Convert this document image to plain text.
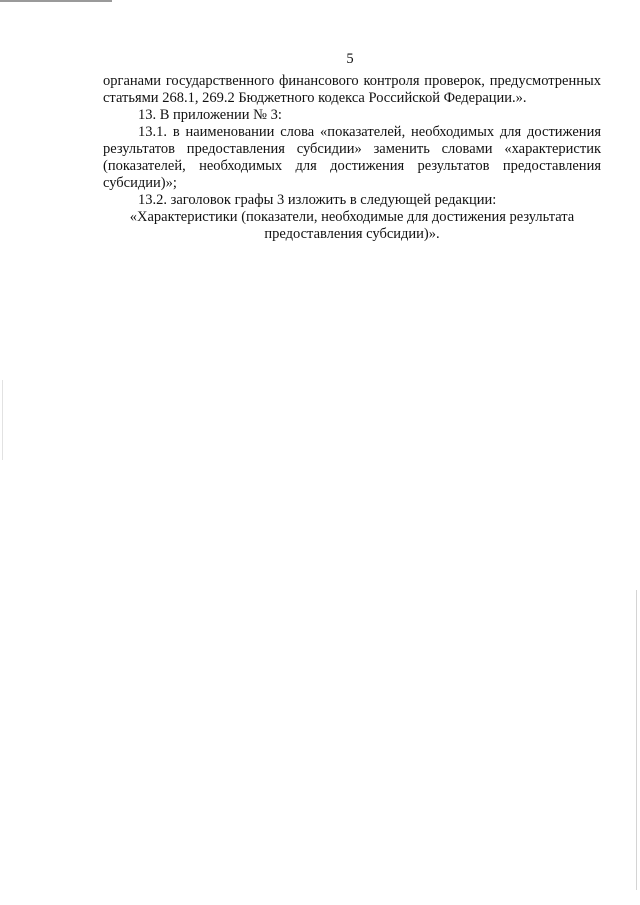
5

органами государственного финансового контроля проверок, предусмотренных

статьями 268.1, 269.2 Бюджетного кодекса Российской Федерации.».

13. В приложении № 3:

13.1. в наименовании слова «показателей, необходимых для достижения

результатов предоставления субсидии» заменить словами «характеристик

(показателей, необходимых для достижения результатов предоставления

субсидии)»;

13.2. заголовок графы 3 изложить в следующей редакции:

«Характеристики (показатели, необходимые для достижения результата

предоставления субсидии)».
